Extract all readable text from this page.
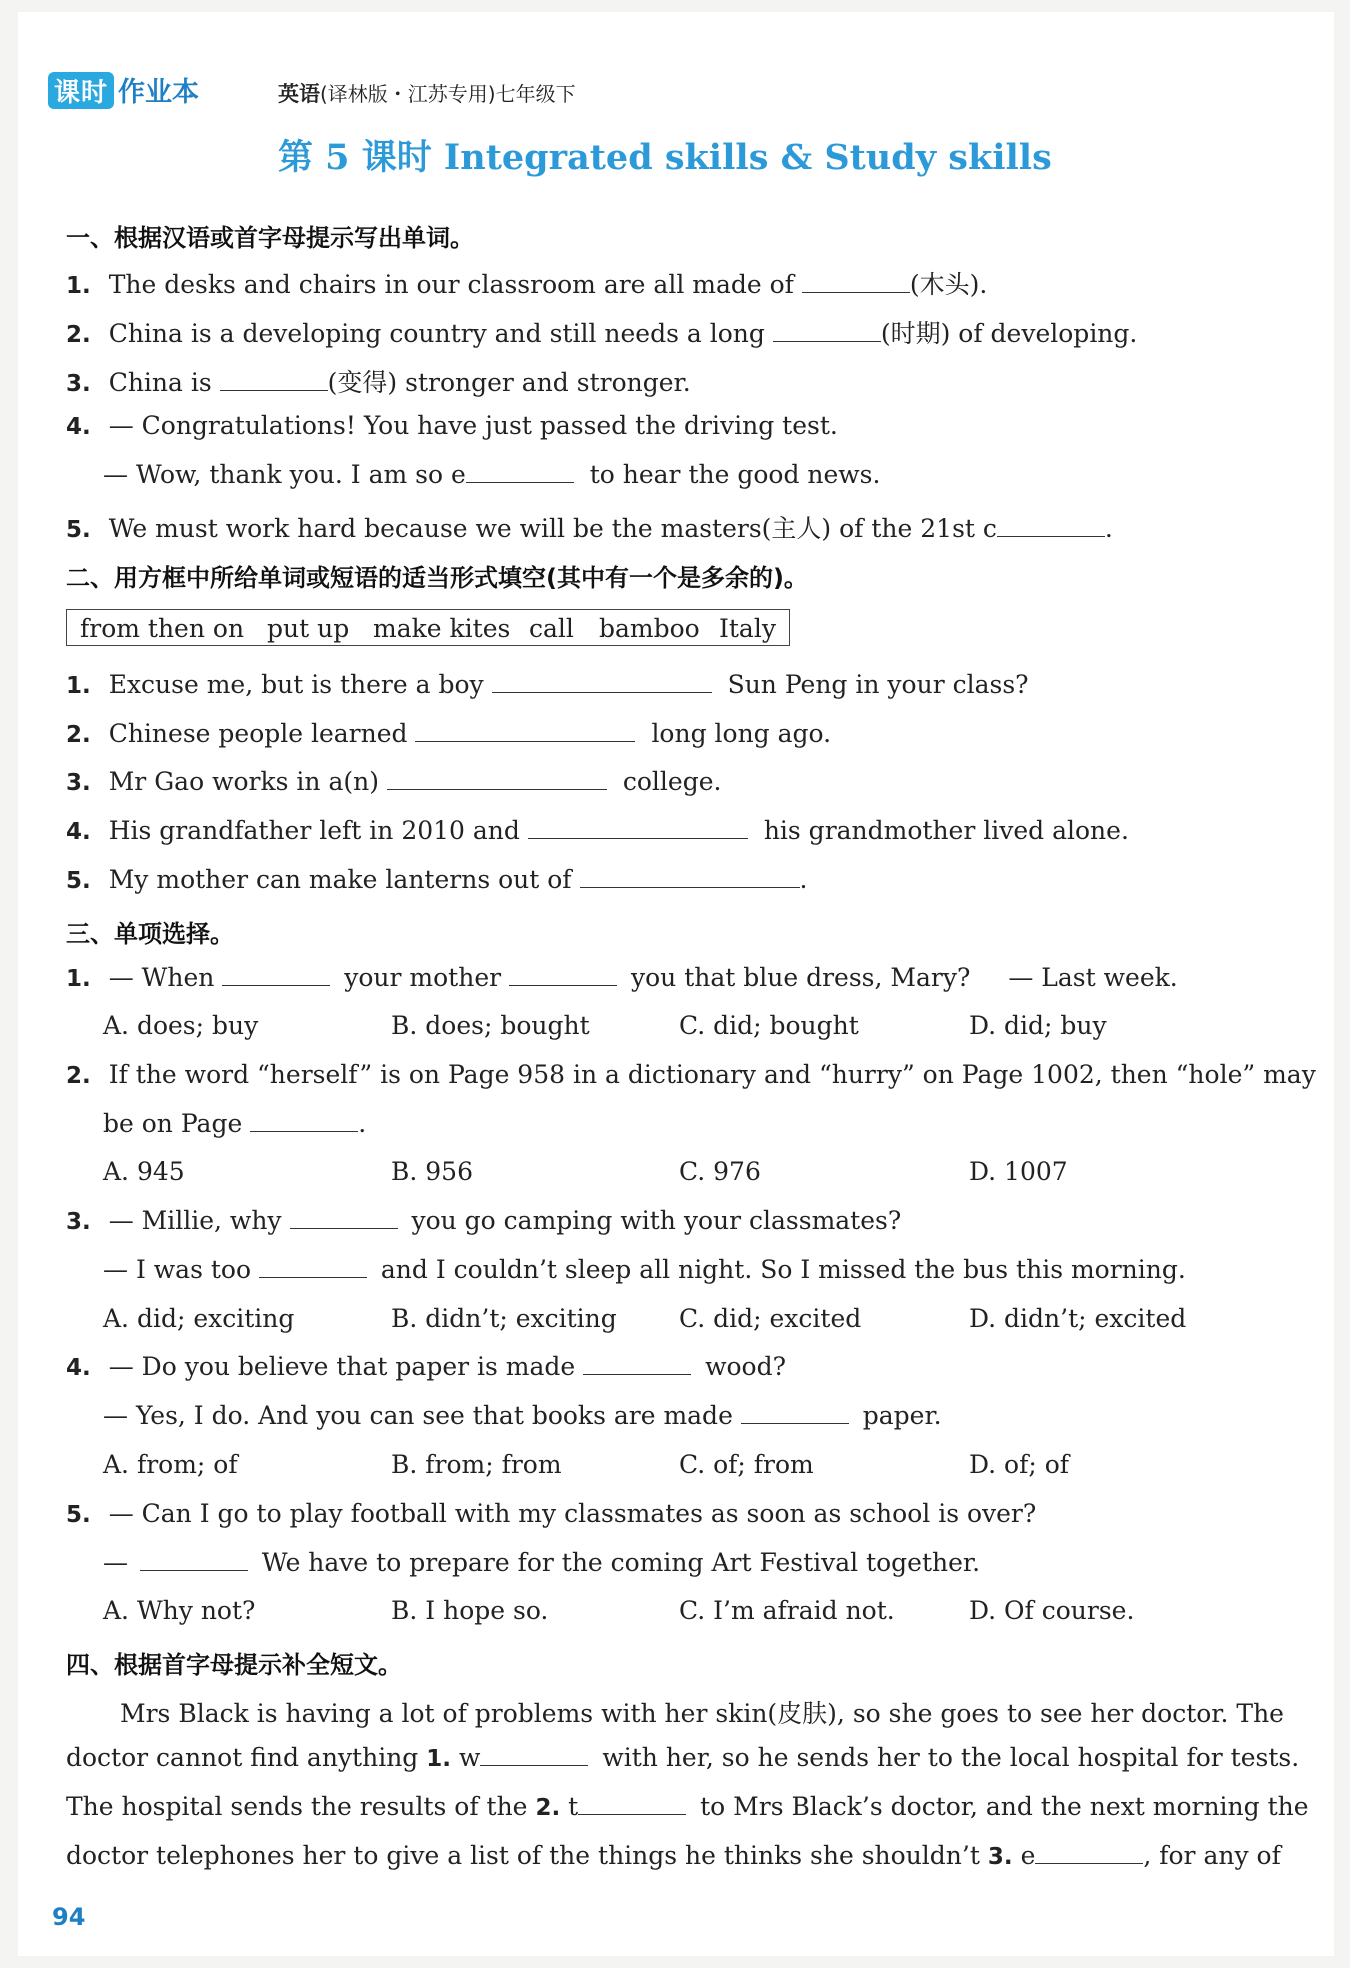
课时 作业本	英语(译林版・江苏专用)七年级下
第 5 课时 Integrated skills & Study skills
一、根据汉语或首字母提示写出单词。
1. The desks and chairs in our classroom are all made of	(木头).
2. China is a developing country and still needs a long	(时期) of developing.
3. China is	(变得) stronger and stronger.
4. — Congratulations! You have just passed the driving test.
— Wow, thank you. I am so e	to hear the good news.
5. We must work hard because we will be the masters(主人) of the 21st c	.
二、用方框中所给单词或短语的适当形式填空(其中有一个是多余的)。
from then on put up make kites call bamboo Italy
1. Excuse me, but is there a boy	Sun Peng in your class?
2. Chinese people learned	long long ago.
3. Mr Gao works in a(n)	college.
4. His grandfather left in 2010 and	his grandmother lived alone.
5. My mother can make lanterns out of	.
三、单项选择。
1. — When	your mother	you that blue dress, Mary? — Last week.
A. does; buy	B. does; bought	C. did; bought	D. did; buy
2. If the word “herself” is on Page 958 in a dictionary and “hurry” on Page 1002, then “hole” may
be on Page	.
A. 945	B. 956	C. 976	D. 1007
3. — Millie, why	you go camping with your classmates?
— I was too	and I couldn’t sleep all night. So I missed the bus this morning.
A. did; exciting	B. didn’t; exciting C. did; excited	D. didn’t; excited
4. — Do you believe that paper is made	wood?
— Yes, I do. And you can see that books are made	paper.
A. from; of	B. from; from	C. of; from	D. of; of
5. — Can I go to play football with my classmates as soon as school is over?
—	We have to prepare for the coming Art Festival together.
A. Why not?	B. I hope so.	C. I’m afraid not.	D. Of course.
四、根据首字母提示补全短文。
Mrs Black is having a lot of problems with her skin(皮肤), so she goes to see her doctor. The
doctor cannot find anything 1. w	with her, so he sends her to the local hospital for tests.
The hospital sends the results of the 2. t	to Mrs Black’s doctor, and the next morning the
doctor telephones her to give a list of the things he thinks she shouldn’t 3. e	, for any of
94
